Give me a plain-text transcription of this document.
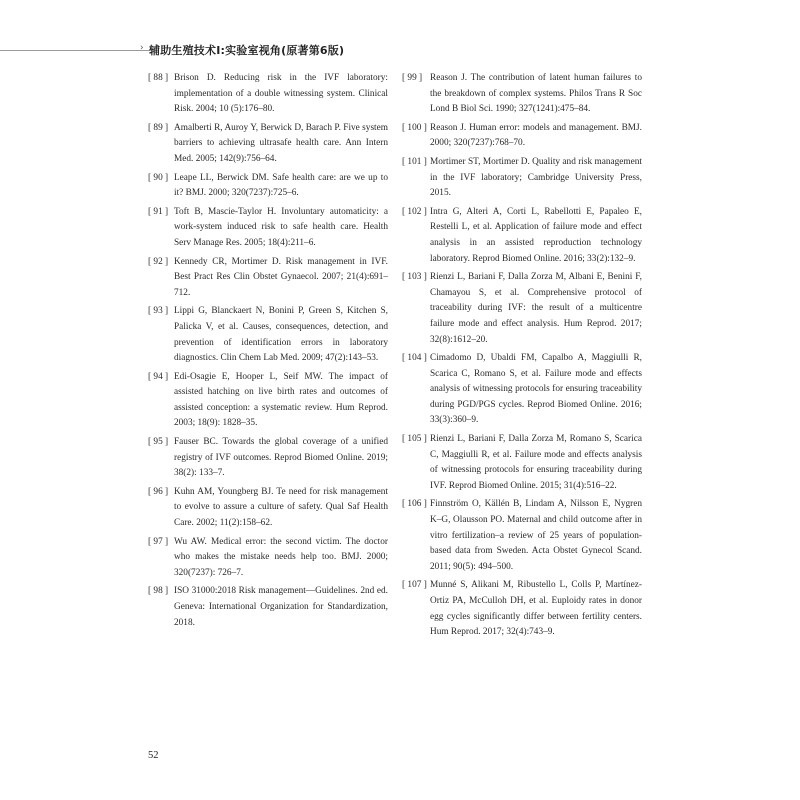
› 辅助生殖技术Ⅰ:实验室视角(原著第6版)
[ 88 ] Brison D. Reducing risk in the IVF laboratory: implementation of a double witnessing system. Clinical Risk. 2004; 10 (5):176–80.
[ 89 ] Amalberti R, Auroy Y, Berwick D, Barach P. Five system barriers to achieving ultrasafe health care. Ann Intern Med. 2005; 142(9):756–64.
[ 90 ] Leape LL, Berwick DM. Safe health care: are we up to it? BMJ. 2000; 320(7237):725–6.
[ 91 ] Toft B, Mascie-Taylor H. Involuntary automaticity: a work-system induced risk to safe health care. Health Serv Manage Res. 2005; 18(4):211–6.
[ 92 ] Kennedy CR, Mortimer D. Risk management in IVF. Best Pract Res Clin Obstet Gynaecol. 2007; 21(4):691–712.
[ 93 ] Lippi G, Blanckaert N, Bonini P, Green S, Kitchen S, Palicka V, et al. Causes, consequences, detection, and prevention of identification errors in laboratory diagnostics. Clin Chem Lab Med. 2009; 47(2):143–53.
[ 94 ] Edi-Osagie E, Hooper L, Seif MW. The impact of assisted hatching on live birth rates and outcomes of assisted conception: a systematic review. Hum Reprod. 2003; 18(9): 1828–35.
[ 95 ] Fauser BC. Towards the global coverage of a unified registry of IVF outcomes. Reprod Biomed Online. 2019; 38(2): 133–7.
[ 96 ] Kuhn AM, Youngberg BJ. Te need for risk management to evolve to assure a culture of safety. Qual Saf Health Care. 2002; 11(2):158–62.
[ 97 ] Wu AW. Medical error: the second victim. The doctor who makes the mistake needs help too. BMJ. 2000; 320(7237): 726–7.
[ 98 ] ISO 31000:2018 Risk management—Guidelines. 2nd ed. Geneva: International Organization for Standardization, 2018.
[ 99 ] Reason J. The contribution of latent human failures to the breakdown of complex systems. Philos Trans R Soc Lond B Biol Sci. 1990; 327(1241):475–84.
[ 100 ] Reason J. Human error: models and management. BMJ. 2000; 320(7237):768–70.
[ 101 ] Mortimer ST, Mortimer D. Quality and risk management in the IVF laboratory; Cambridge University Press, 2015.
[ 102 ] Intra G, Alteri A, Corti L, Rabellotti E, Papaleo E, Restelli L, et al. Application of failure mode and effect analysis in an assisted reproduction technology laboratory. Reprod Biomed Online. 2016; 33(2):132–9.
[ 103 ] Rienzi L, Bariani F, Dalla Zorza M, Albani E, Benini F, Chamayou S, et al. Comprehensive protocol of traceability during IVF: the result of a multicentre failure mode and effect analysis. Hum Reprod. 2017; 32(8):1612–20.
[ 104 ] Cimadomo D, Ubaldi FM, Capalbo A, Maggiulli R, Scarica C, Romano S, et al. Failure mode and effects analysis of witnessing protocols for ensuring traceability during PGD/PGS cycles. Reprod Biomed Online. 2016; 33(3):360–9.
[ 105 ] Rienzi L, Bariani F, Dalla Zorza M, Romano S, Scarica C, Maggiulli R, et al. Failure mode and effects analysis of witnessing protocols for ensuring traceability during IVF. Reprod Biomed Online. 2015; 31(4):516–22.
[ 106 ] Finnström O, Källén B, Lindam A, Nilsson E, Nygren K–G, Olausson PO. Maternal and child outcome after in vitro fertilization–a review of 25 years of population-based data from Sweden. Acta Obstet Gynecol Scand. 2011; 90(5): 494–500.
[ 107 ] Munné S, Alikani M, Ribustello L, Colls P, Martínez-Ortiz PA, McCulloh DH, et al. Euploidy rates in donor egg cycles significantly differ between fertility centers. Hum Reprod. 2017; 32(4):743–9.
52
